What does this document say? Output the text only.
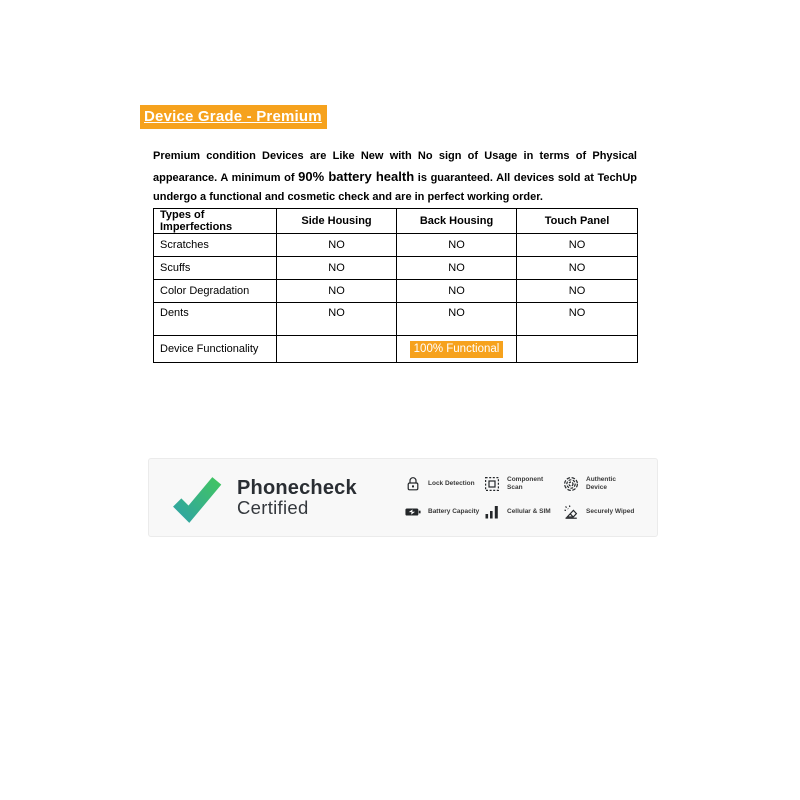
Device Grade - Premium
Premium condition Devices are Like New with No sign of Usage in terms of Physical appearance. A minimum of 90% battery health is guaranteed. All devices sold at TechUp undergo a functional and cosmetic check and are in perfect working order.
Types of Imperfections	Side Housing	Back Housing	Touch Panel
Scratches	NO	NO	NO
Scuffs	NO	NO	NO
Color Degradation	NO	NO	NO
Dents	NO	NO	NO
Device Functionality		100% Functional	
Phonecheck
Certified
Lock Detection
Battery Capacity
Component Scan
Cellular & SIM
Authentic Device
Securely Wiped
